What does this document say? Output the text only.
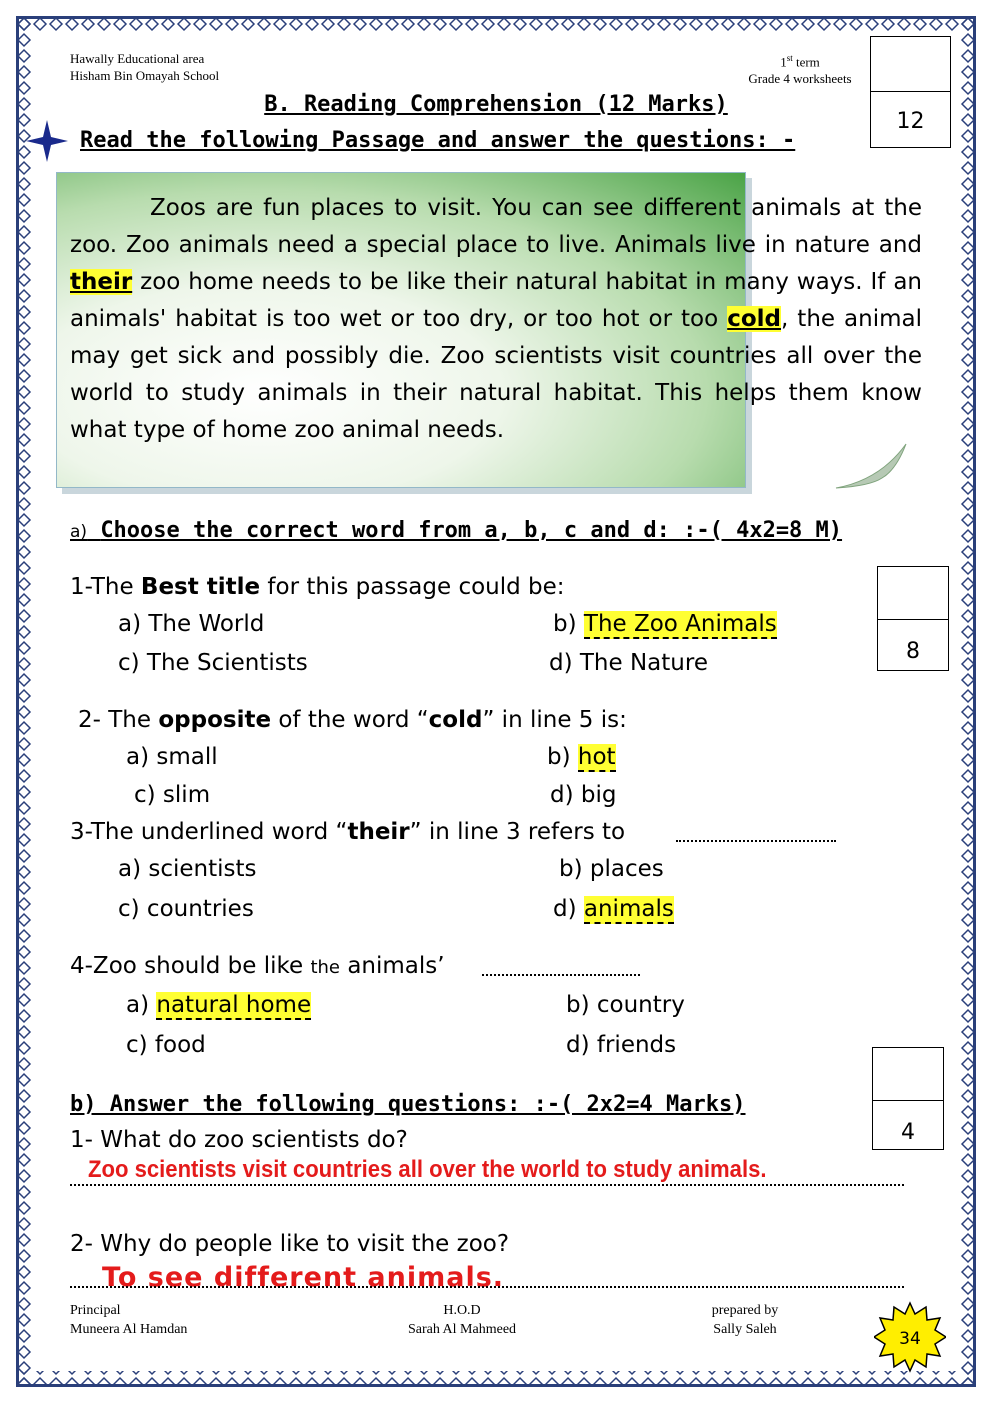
Hawally Educational area
Hisham Bin Omayah School
1st term
Grade 4 worksheets
12
B. Reading Comprehension (12 Marks)
Read the following Passage and answer the questions: -
Zoos are fun places to visit. You can see different animals at the zoo. Zoo animals need a special place to live. Animals live in nature and their zoo home needs to be like their natural habitat in many ways. If an animals' habitat is too wet or too dry, or too hot or too cold, the animal may get sick and possibly die. Zoo scientists visit countries all over the world to study animals in their natural habitat. This helps them know what type of home zoo animal needs.
a) Choose the correct word from a, b, c and d: :-( 4x2=8 M)
8
1-The Best title for this passage could be:
a) The World	b) The Zoo Animals
c) The Scientists	d) The Nature
2- The opposite of the word “cold” in line 5 is:
a) small	b) hot
c) slim	d) big
3-The underlined word “their” in line 3 refers to
a) scientists	b) places
c) countries	d) animals
4-Zoo should be like the animals’
a) natural home	b) country
c) food	d) friends
4
b) Answer the following questions: :-( 2x2=4 Marks)
1- What do zoo scientists do?
Zoo scientists visit countries all over the world to study animals.
2- Why do people like to visit the zoo?
To see different animals.
Principal
Muneera Al Hamdan
H.O.D
Sarah Al Mahmeed
prepared by
Sally Saleh	34
